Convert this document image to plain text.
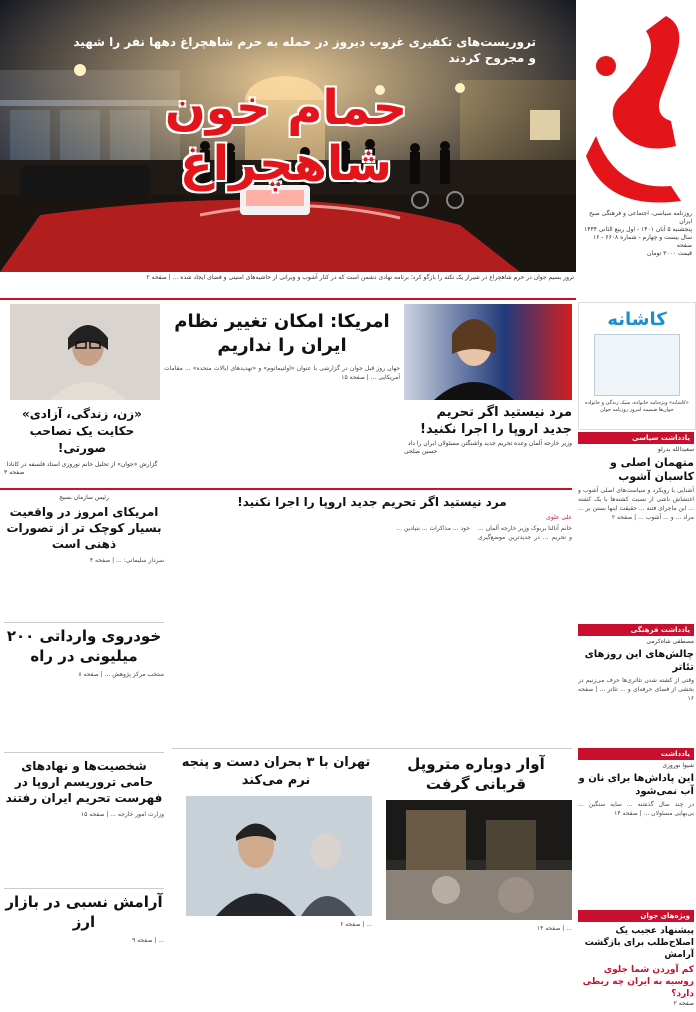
تروریست‌های تکفیری غروب دیروز در حمله به حرم شاهچراغ دهها نفر را شهید و مجروح کردند
حمام خون شاهچراغ
ترور بسیم جوان در حرم شاهچراغ در شیراز یک نکته را بازگو کرد؛ برنامه نهادی دشمن است که در کنار آشوب و ویرانی از حاشیه‌های امنیتی و فضای ایجاد شده ... | صفحه ۲
روزنامه سیاسی، اجتماعی و فرهنگی صبح ایران
پنجشنبه ۵ آبان ۱۴۰۱ - اول ربیع الثانی ۱۴۴۴
سال بیست و چهارم - شماره ۶۶۰۸ - ۱۶ صفحه
قیمت ۳۰۰۰ تومان
کاشانه
«کاشانه» ویژه‌نامه خانواده، سبک زندگی و خانواده جوان‌ها ضمیمه امروز روزنامه جوان
یادداشت سیاسی
سعیدالله بدرلو
متهمان اصلی و کاسبان آشوب
آشنایی با رویکرد و سیاست‌های اصلی آشوب و اغتشاش ناشی از نسبت کشته‌ها با یک کشته ... این ماجرای فتنه ... حقیقت اینها بستن بر ... مراد ... و ... آشوب ... | صفحه ۲
یادداشت فرهنگی
مصطفی شاه‌کرمی
چالش‌های این روزهای تئاتر
وقتی از کشته شدن تئاتری‌ها حرف می‌زنیم در بخشی از فضای حرفه‌ای و ... تئاتر ... | صفحه ۱۶
یادداشت
شیوا نوروزی
این پاداش‌ها برای نان و آب نمی‌شود
در چند سال گذشته ... سایه سنگین ... بی‌بهایی مسئولان ... | صفحه ۱۴
ویژه‌های جوان
پیشنهاد عجیب یک اصلاح‌طلب برای بازگشت آرامش
کم آوردن شما جلوی روسیه به ایران چه ربطی دارد؟
صفحه ۲
مرد نیستید اگر تحریم جدید اروپا را اجرا نکنید!
وزیر خارجه آلمان وعده تحریم جدید واشنگتن مسئولان ایران را داد
حسین صلحی
امریکا: امکان تغییر نظام ایران را نداریم
جهان روز قبل جوان در گزارشی با عنوان «اولتیماتوم» و «تهدیدهای ایالات متحده» ... مقامات آمریکایی ... | صفحه ۱۵
«زن، زندگی، آزادی» حکایت یک تصاحب صورتی!
گزارش «جوان» از تحلیل خانم نوروزی استاد فلسفه در کانادا
صفحه ۳
رئیس سازمان بسیج
امریکای امروز در واقعیت بسیار کوچک تر از تصورات ذهنی است
سردار سلیمانی: ... | صفحه ۴
خودروی وارداتی ۲۰۰ میلیونی در راه
منتخب مرکز پژوهش ... | صفحه ۸
شخصیت‌ها و نهادهای حامی تروریسم اروپا در فهرست تحریم ایران رفتند
وزارت امور خارجه ... | صفحه ۱۵
آرامش نسبی در بازار ارز
... | صفحه ۹
مرد نیستید اگر تحریم جدید اروپا را اجرا نکنید!
علی علوی
خانم آنالنا بربوک وزیر خارجه آلمان ... و تحریم ... در جدیدترین موضع‌گیری خود ... مذاکرات ... بنیادین ...
آوار دوباره متروپل قربانی گرفت
... | صفحه ۱۴
تهران با ۳ بحران دست و پنجه نرم می‌کند
... | صفحه ۶
